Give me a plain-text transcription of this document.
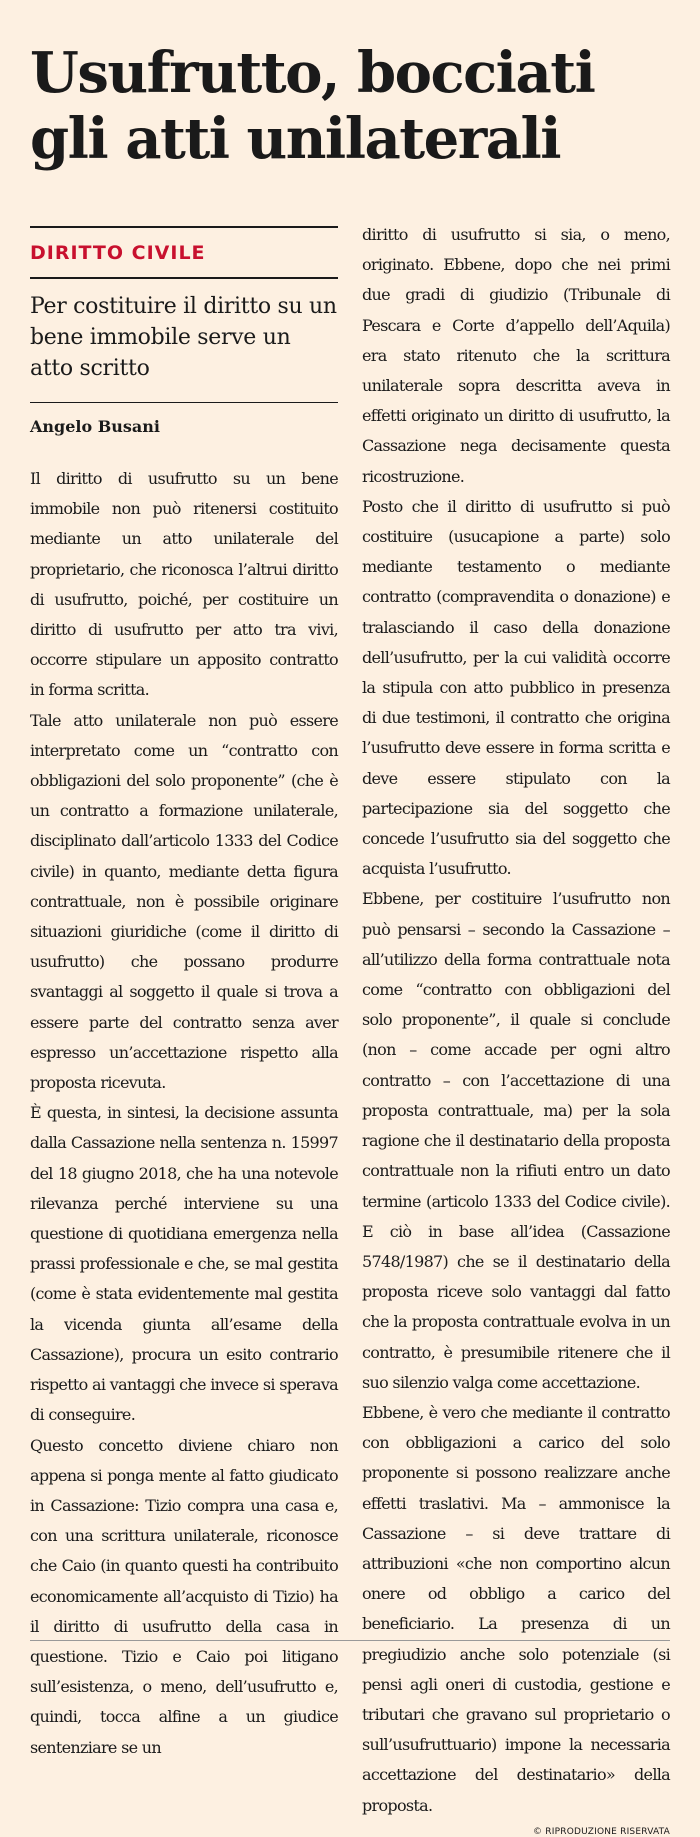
Usufrutto, bocciati
gli atti unilaterali
DIRITTO CIVILE
Per costituire il diritto su un bene immobile serve un atto scritto
Angelo Busani

Il diritto di usufrutto su un bene immobile non può ritenersi costituito mediante un atto unilaterale del proprietario, che riconosca l’altrui diritto di usufrutto, poiché, per costituire un diritto di usufrutto per atto tra vivi, occorre stipulare un apposito contratto in forma scritta.

Tale atto unilaterale non può essere interpretato come un “contratto con obbligazioni del solo proponente” (che è un contratto a formazione unilaterale, disciplinato dall’articolo 1333 del Codice civile) in quanto, mediante detta figura contrattuale, non è possibile originare situazioni giuridiche (come il diritto di usufrutto) che possano produrre svantaggi al soggetto il quale si trova a essere parte del contratto senza aver espresso un’accettazione rispetto alla proposta ricevuta.

È questa, in sintesi, la decisione assunta dalla Cassazione nella sentenza n. 15997 del 18 giugno 2018, che ha una notevole rilevanza perché interviene su una questione di quotidiana emergenza nella prassi professionale e che, se mal gestita (come è stata evidentemente mal gestita la vicenda giunta all’esame della Cassazione), procura un esito contrario rispetto ai vantaggi che invece si sperava di conseguire.

Questo concetto diviene chiaro non appena si ponga mente al fatto giudicato in Cassazione: Tizio compra una casa e, con una scrittura unilaterale, riconosce che Caio (in quanto questi ha contribuito economicamente all’acquisto di Tizio) ha il diritto di usufrutto della casa in questione. Tizio e Caio poi litigano sull’esistenza, o meno, dell’usufrutto e, quindi, tocca alfine a un giudice sentenziare se un

diritto di usufrutto si sia, o meno, originato. Ebbene, dopo che nei primi due gradi di giudizio (Tribunale di Pescara e Corte d’appello dell’Aquila) era stato ritenuto che la scrittura unilaterale sopra descritta aveva in effetti originato un diritto di usufrutto, la Cassazione nega decisamente questa ricostruzione.

Posto che il diritto di usufrutto si può costituire (usucapione a parte) solo mediante testamento o mediante contratto (compravendita o donazione) e tralasciando il caso della donazione dell’usufrutto, per la cui validità occorre la stipula con atto pubblico in presenza di due testimoni, il contratto che origina l’usufrutto deve essere in forma scritta e deve essere stipulato con la partecipazione sia del soggetto che concede l’usufrutto sia del soggetto che acquista l’usufrutto.

Ebbene, per costituire l’usufrutto non può pensarsi – secondo la Cassazione – all’utilizzo della forma contrattuale nota come “contratto con obbligazioni del solo proponente”, il quale si conclude (non – come accade per ogni altro contratto – con l’accettazione di una proposta contrattuale, ma) per la sola ragione che il destinatario della proposta contrattuale non la rifiuti entro un dato termine (articolo 1333 del Codice civile). E ciò in base all’idea (Cassazione 5748/1987) che se il destinatario della proposta riceve solo vantaggi dal fatto che la proposta contrattuale evolva in un contratto, è presumibile ritenere che il suo silenzio valga come accettazione.

Ebbene, è vero che mediante il contratto con obbligazioni a carico del solo proponente si possono realizzare anche effetti traslativi. Ma – ammonisce la Cassazione – si deve trattare di attribuzioni «che non comportino alcun onere od obbligo a carico del beneficiario. La presenza di un pregiudizio anche solo potenziale (si pensi agli oneri di custodia, gestione e tributari che gravano sul proprietario o sull’usufruttuario) impone la necessaria accettazione del destinatario» della proposta.

© RIPRODUZIONE RISERVATA
